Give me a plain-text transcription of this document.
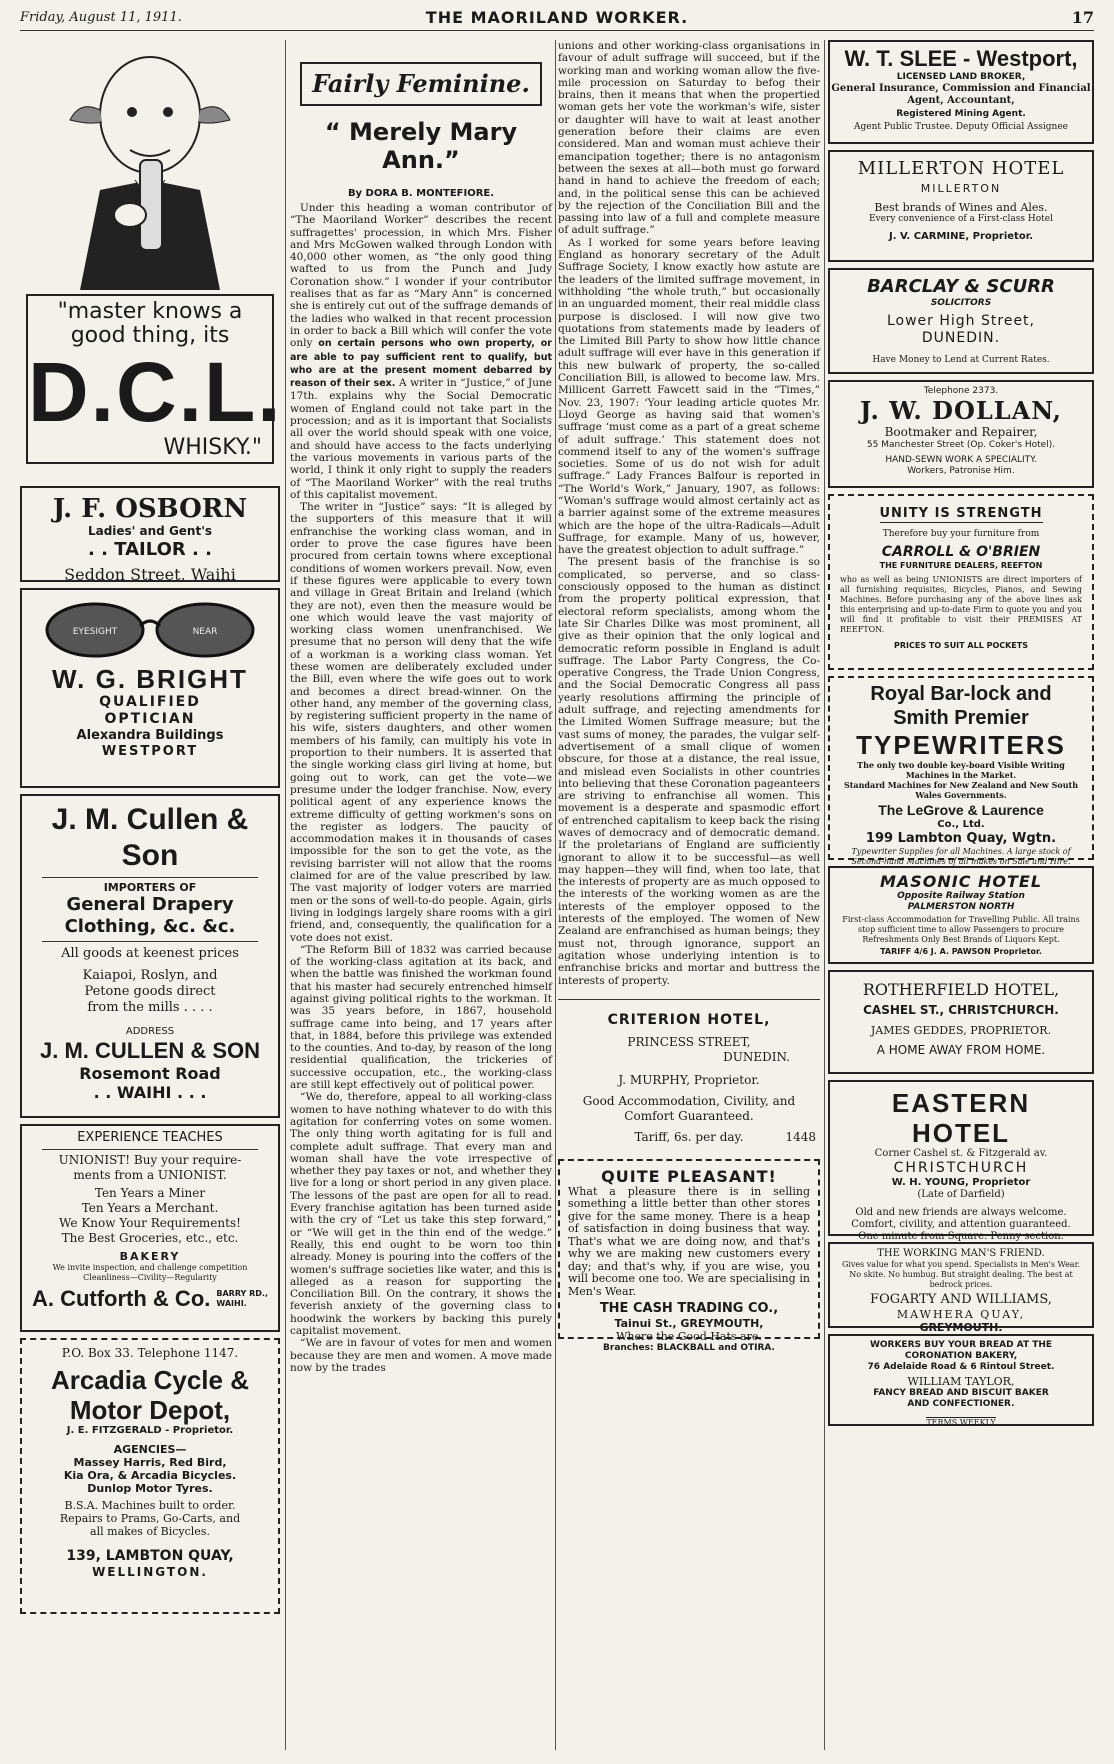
Friday, August 11, 1911.	THE MAORILAND WORKER.	17
"master knows a
good thing, its
D.C.L.
WHISKY."
J. F. OSBORN
Ladies' and Gent's
. . TAILOR . .
Seddon Street, Waihi
EYESIGHT	NEAR
W. G. BRIGHT
QUALIFIED
OPTICIAN
Alexandra Buildings
WESTPORT
J. M. Cullen & Son
IMPORTERS OF
General Drapery
Clothing, &c. &c.
All goods at keenest prices
Kaiapoi, Roslyn, and
Petone goods direct
from the mills . . . .
ADDRESS
J. M. CULLEN & SON
Rosemont Road
. . WAIHI . . .
EXPERIENCE TEACHES
UNIONIST! Buy your require-
ments from a UNIONIST.
Ten Years a Miner
Ten Years a Merchant.
We Know Your Requirements!
The Best Groceries, etc., etc.
BAKERY
We invite inspection, and challenge competition
Cleanliness—Civility—Regularity
A. Cutforth & Co. BARRY RD.,
WAIHI.
P.O. Box 33. Telephone 1147.
Arcadia Cycle &
Motor Depot,
J. E. FITZGERALD - Proprietor.
AGENCIES—
Massey Harris, Red Bird,
Kia Ora, & Arcadia Bicycles.
Dunlop Motor Tyres.
B.S.A. Machines built to order.
Repairs to Prams, Go-Carts, and
all makes of Bicycles.
139, LAMBTON QUAY,
WELLINGTON.
Fairly Feminine.
“ Merely Mary Ann.”
By DORA B. MONTEFIORE.

Under this heading a woman contributor of “The Maoriland Worker” describes the recent suffragettes' procession, in which Mrs. Fisher and Mrs McGowen walked through London with 40,000 other women, as “the only good thing wafted to us from the Punch and Judy Coronation show.” I wonder if your contributor realises that as far as “Mary Ann” is concerned she is entirely cut out of the suffrage demands of the ladies who walked in that recent procession in order to back a Bill which will confer the vote only on certain persons who own property, or are able to pay sufficient rent to qualify, but who are at the present moment debarred by reason of their sex. A writer in “Justice,” of June 17th. explains why the Social Democratic women of England could not take part in the procession; and as it is important that Socialists all over the world should speak with one voice, and should have access to the facts underlying the various movements in various parts of the world, I think it only right to supply the readers of “The Maoriland Worker” with the real truths of this capitalist movement.

The writer in “Justice” says: “It is alleged by the supporters of this measure that it will enfranchise the working class woman, and in order to prove the case figures have been procured from certain towns where exceptional conditions of women workers prevail. Now, even if these figures were applicable to every town and village in Great Britain and Ireland (which they are not), even then the measure would be one which would leave the vast majority of working class women unenfranchised. We presume that no person will deny that the wife of a workman is a working class woman. Yet these women are deliberately excluded under the Bill, even where the wife goes out to work and becomes a direct bread-winner. On the other hand, any member of the governing class, by registering sufficient property in the name of his wife, sisters daughters, and other women members of his family, can multiply his vote in proportion to their numbers. It is asserted that the single working class girl living at home, but going out to work, can get the vote—we presume under the lodger franchise. Now, every political agent of any experience knows the extreme difficulty of getting workmen's sons on the register as lodgers. The paucity of accommodation makes it in thousands of cases impossible for the son to get the vote, as the revising barrister will not allow that the rooms claimed for are of the value prescribed by law. The vast majority of lodger voters are married men or the sons of well-to-do people. Again, girls living in lodgings largely share rooms with a girl friend, and, consequently, the qualification for a vote does not exist.

“The Reform Bill of 1832 was carried because of the working-class agitation at its back, and when the battle was finished the workman found that his master had securely entrenched himself against giving political rights to the workman. It was 35 years before, in 1867, household suffrage came into being, and 17 years after that, in 1884, before this privilege was extended to the counties. And to-day, by reason of the long residential qualification, the trickeries of successive occupation, etc., the working-class are still kept effectively out of political power.

“We do, therefore, appeal to all working-class women to have nothing whatever to do with this agitation for conferring votes on some women. The only thing worth agitating for is full and complete adult suffrage. That every man and woman shall have the vote irrespective of whether they pay taxes or not, and whether they live for a long or short period in any given place. The lessons of the past are open for all to read. Every franchise agitation has been turned aside with the cry of “Let us take this step forward,” or “We will get in the thin end of the wedge.” Really, this end ought to be worn too thin already. Money is pouring into the coffers of the women's suffrage societies like water, and this is alleged as a reason for supporting the Conciliation Bill. On the contrary, it shows the feverish anxiety of the governing class to hoodwink the workers by backing this purely capitalist movement.

“We are in favour of votes for men and women because they are men and women. A move made now by the trades

unions and other working-class organisations in favour of adult suffrage will succeed, but if the working man and working woman allow the five-mile procession on Saturday to befog their brains, then it means that when the propertied woman gets her vote the workman's wife, sister or daughter will have to wait at least another generation before their claims are even considered. Man and woman must achieve their emancipation together; there is no antagonism between the sexes at all—both must go forward hand in hand to achieve the freedom of each; and, in the political sense this can be achieved by the rejection of the Conciliation Bill and the passing into law of a full and complete measure of adult suffrage.”

As I worked for some years before leaving England as honorary secretary of the Adult Suffrage Society, I know exactly how astute are the leaders of the limited suffrage movement, in withholding “the whole truth,” but occasionally in an unguarded moment, their real middle class purpose is disclosed. I will now give two quotations from statements made by leaders of the Limited Bill Party to show how little chance adult suffrage will ever have in this generation if this new bulwark of property, the so-called Conciliation Bill, is allowed to become law. Mrs. Millicent Garrett Fawcett said in the “Times,” Nov. 23, 1907: ‘Your leading article quotes Mr. Lloyd George as having said that women's suffrage ‘must come as a part of a great scheme of adult suffrage.’ This statement does not commend itself to any of the women's suffrage societies. Some of us do not wish for adult suffrage.” Lady Frances Balfour is reported in “The World's Work,” January, 1907, as follows: “Woman's suffrage would almost certainly act as a barrier against some of the extreme measures which are the hope of the ultra-Radicals—Adult Suffrage, for example. Many of us, however, have the greatest objection to adult suffrage.”

The present basis of the franchise is so complicated, so perverse, and so class-consciously opposed to the human as distinct from the property political expression, that electoral reform specialists, among whom the late Sir Charles Dilke was most prominent, all give as their opinion that the only logical and democratic reform possible in England is adult suffrage. The Labor Party Congress, the Co-operative Congress, the Trade Union Congress, and the Social Democratic Congress all pass yearly resolutions affirming the principle of adult suffrage, and rejecting amendments for the Limited Women Suffrage measure; but the vast sums of money, the parades, the vulgar self-advertisement of a small clique of women obscure, for those at a distance, the real issue, and mislead even Socialists in other countries into believing that these Coronation pageanteers are striving to enfranchise all women. This movement is a desperate and spasmodic effort of entrenched capitalism to keep back the rising waves of democracy and of democratic demand. If the proletarians of England are sufficiently ignorant to allow it to be successful—as well may happen—they will find, when too late, that the interests of property are as much opposed to the interests of the working women as are the interests of the employer opposed to the interests of the employed. The women of New Zealand are enfranchised as human beings; they must not, through ignorance, support an agitation whose underlying intention is to enfranchise bricks and mortar and buttress the interests of property.

CRITERION HOTEL,
PRINCESS STREET,
DUNEDIN.
J. MURPHY, Proprietor.
Good Accommodation, Civility, and Comfort Guaranteed.
Tariff, 6s. per day.	1448
QUITE PLEASANT!
What a pleasure there is in selling something a little better than other stores give for the same money. There is a heap of satisfaction in doing business that way. That's what we are doing now, and that's why we are making new customers every day; and that's why, if you are wise, you will become one too. We are specialising in Men's Wear.
THE CASH TRADING CO.,
Tainui St., GREYMOUTH,
Where the Good Hats are.
Branches: BLACKBALL and OTIRA.
W. T. SLEE - Westport,
LICENSED LAND BROKER,
General Insurance, Commission and Financial
Agent, Accountant,
Registered Mining Agent.
Agent Public Trustee. Deputy Official Assignee
MILLERTON HOTEL
MILLERTON
Best brands of Wines and Ales.
Every convenience of a First-class Hotel
J. V. CARMINE, Proprietor.
BARCLAY & SCURR
SOLICITORS
Lower High Street,
DUNEDIN.
Have Money to Lend at Current Rates.
Telephone 2373.
J. W. DOLLAN,
Bootmaker and Repairer,
55 Manchester Street (Op. Coker's Hotel).
HAND-SEWN WORK A SPECIALITY.
Workers, Patronise Him.
UNITY IS STRENGTH
Therefore buy your furniture from
CARROLL & O'BRIEN
THE FURNITURE DEALERS, REEFTON
who as well as being UNIONISTS are direct importers of all furnishing requisites, Bicycles, Pianos, and Sewing Machines. Before purchasing any of the above lines ask this enterprising and up-to-date Firm to quote you and you will find it profitable to visit their PREMISES AT REEFTON.
PRICES TO SUIT ALL POCKETS
Royal Bar-lock and
Smith Premier
TYPEWRITERS
The only two double key-board Visible Writing Machines in the Market.
Standard Machines for New Zealand and New South Wales Governments.
The LeGrove & Laurence
Co., Ltd.
199 Lambton Quay, Wgtn.
Typewriter Supplies for all Machines. A large stock of Second-hand Machines of all makes on Sale and Hire.
MASONIC HOTEL
Opposite Railway Station
PALMERSTON NORTH
First-class Accommodation for Travelling Public. All trains stop sufficient time to allow Passengers to procure Refreshments Only Best Brands of Liquors Kept.
TARIFF 4/6 J. A. PAWSON Proprietor.
ROTHERFIELD HOTEL,
CASHEL ST., CHRISTCHURCH.
JAMES GEDDES, PROPRIETOR.
A HOME AWAY FROM HOME.
EASTERN HOTEL
Corner Cashel st. & Fitzgerald av.
CHRISTCHURCH
W. H. YOUNG, Proprietor
(Late of Darfield)
Old and new friends are always welcome. Comfort, civility, and attention guaranteed. One minute from Square. Penny section.
THE WORKING MAN'S FRIEND.
Gives value for what you spend. Specialists in Men's Wear. No skite. No humbug. But straight dealing. The best at bedrock prices.
FOGARTY AND WILLIAMS,
MAWHERA QUAY,
GREYMOUTH.
WORKERS BUY YOUR BREAD AT THE
CORONATION BAKERY,
76 Adelaide Road & 6 Rintoul Street.
WILLIAM TAYLOR,
FANCY BREAD AND BISCUIT BAKER
AND CONFECTIONER.
TERMS WEEKLY
